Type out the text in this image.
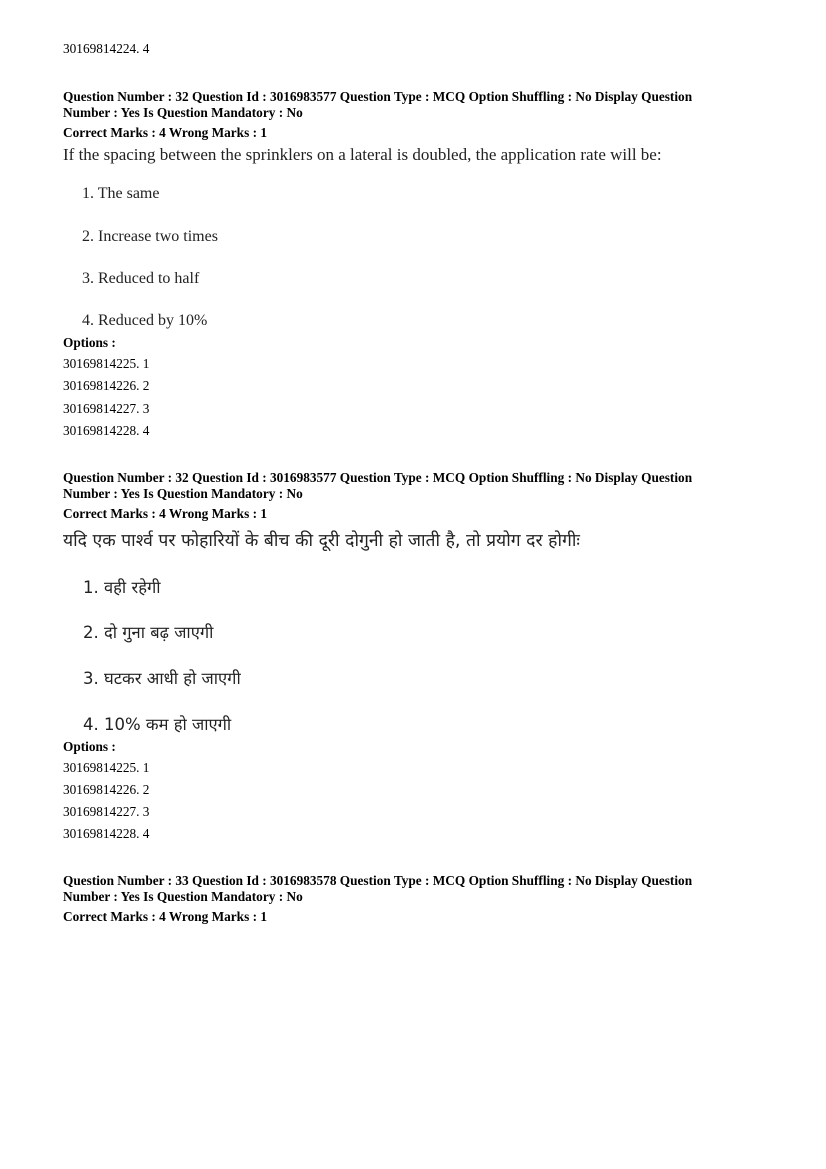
30169814224. 4
Question Number : 32 Question Id : 3016983577 Question Type : MCQ Option Shuffling : No Display Question
Number : Yes Is Question Mandatory : No
Correct Marks : 4 Wrong Marks : 1
If the spacing between the sprinklers on a lateral is doubled, the application rate will be:
1. The same
2. Increase two times
3. Reduced to half
4. Reduced by 10%
Options :
30169814225. 1
30169814226. 2
30169814227. 3
30169814228. 4
Question Number : 32 Question Id : 3016983577 Question Type : MCQ Option Shuffling : No Display Question
Number : Yes Is Question Mandatory : No
Correct Marks : 4 Wrong Marks : 1
यदि एक पार्श्व पर फोहारियों के बीच की दूरी दोगुनी हो जाती है, तो प्रयोग दर होगीः
1. वही रहेगी
2. दो गुना बढ़ जाएगी
3. घटकर आधी हो जाएगी
4. 10% कम हो जाएगी
Options :
30169814225. 1
30169814226. 2
30169814227. 3
30169814228. 4
Question Number : 33 Question Id : 3016983578 Question Type : MCQ Option Shuffling : No Display Question
Number : Yes Is Question Mandatory : No
Correct Marks : 4 Wrong Marks : 1
